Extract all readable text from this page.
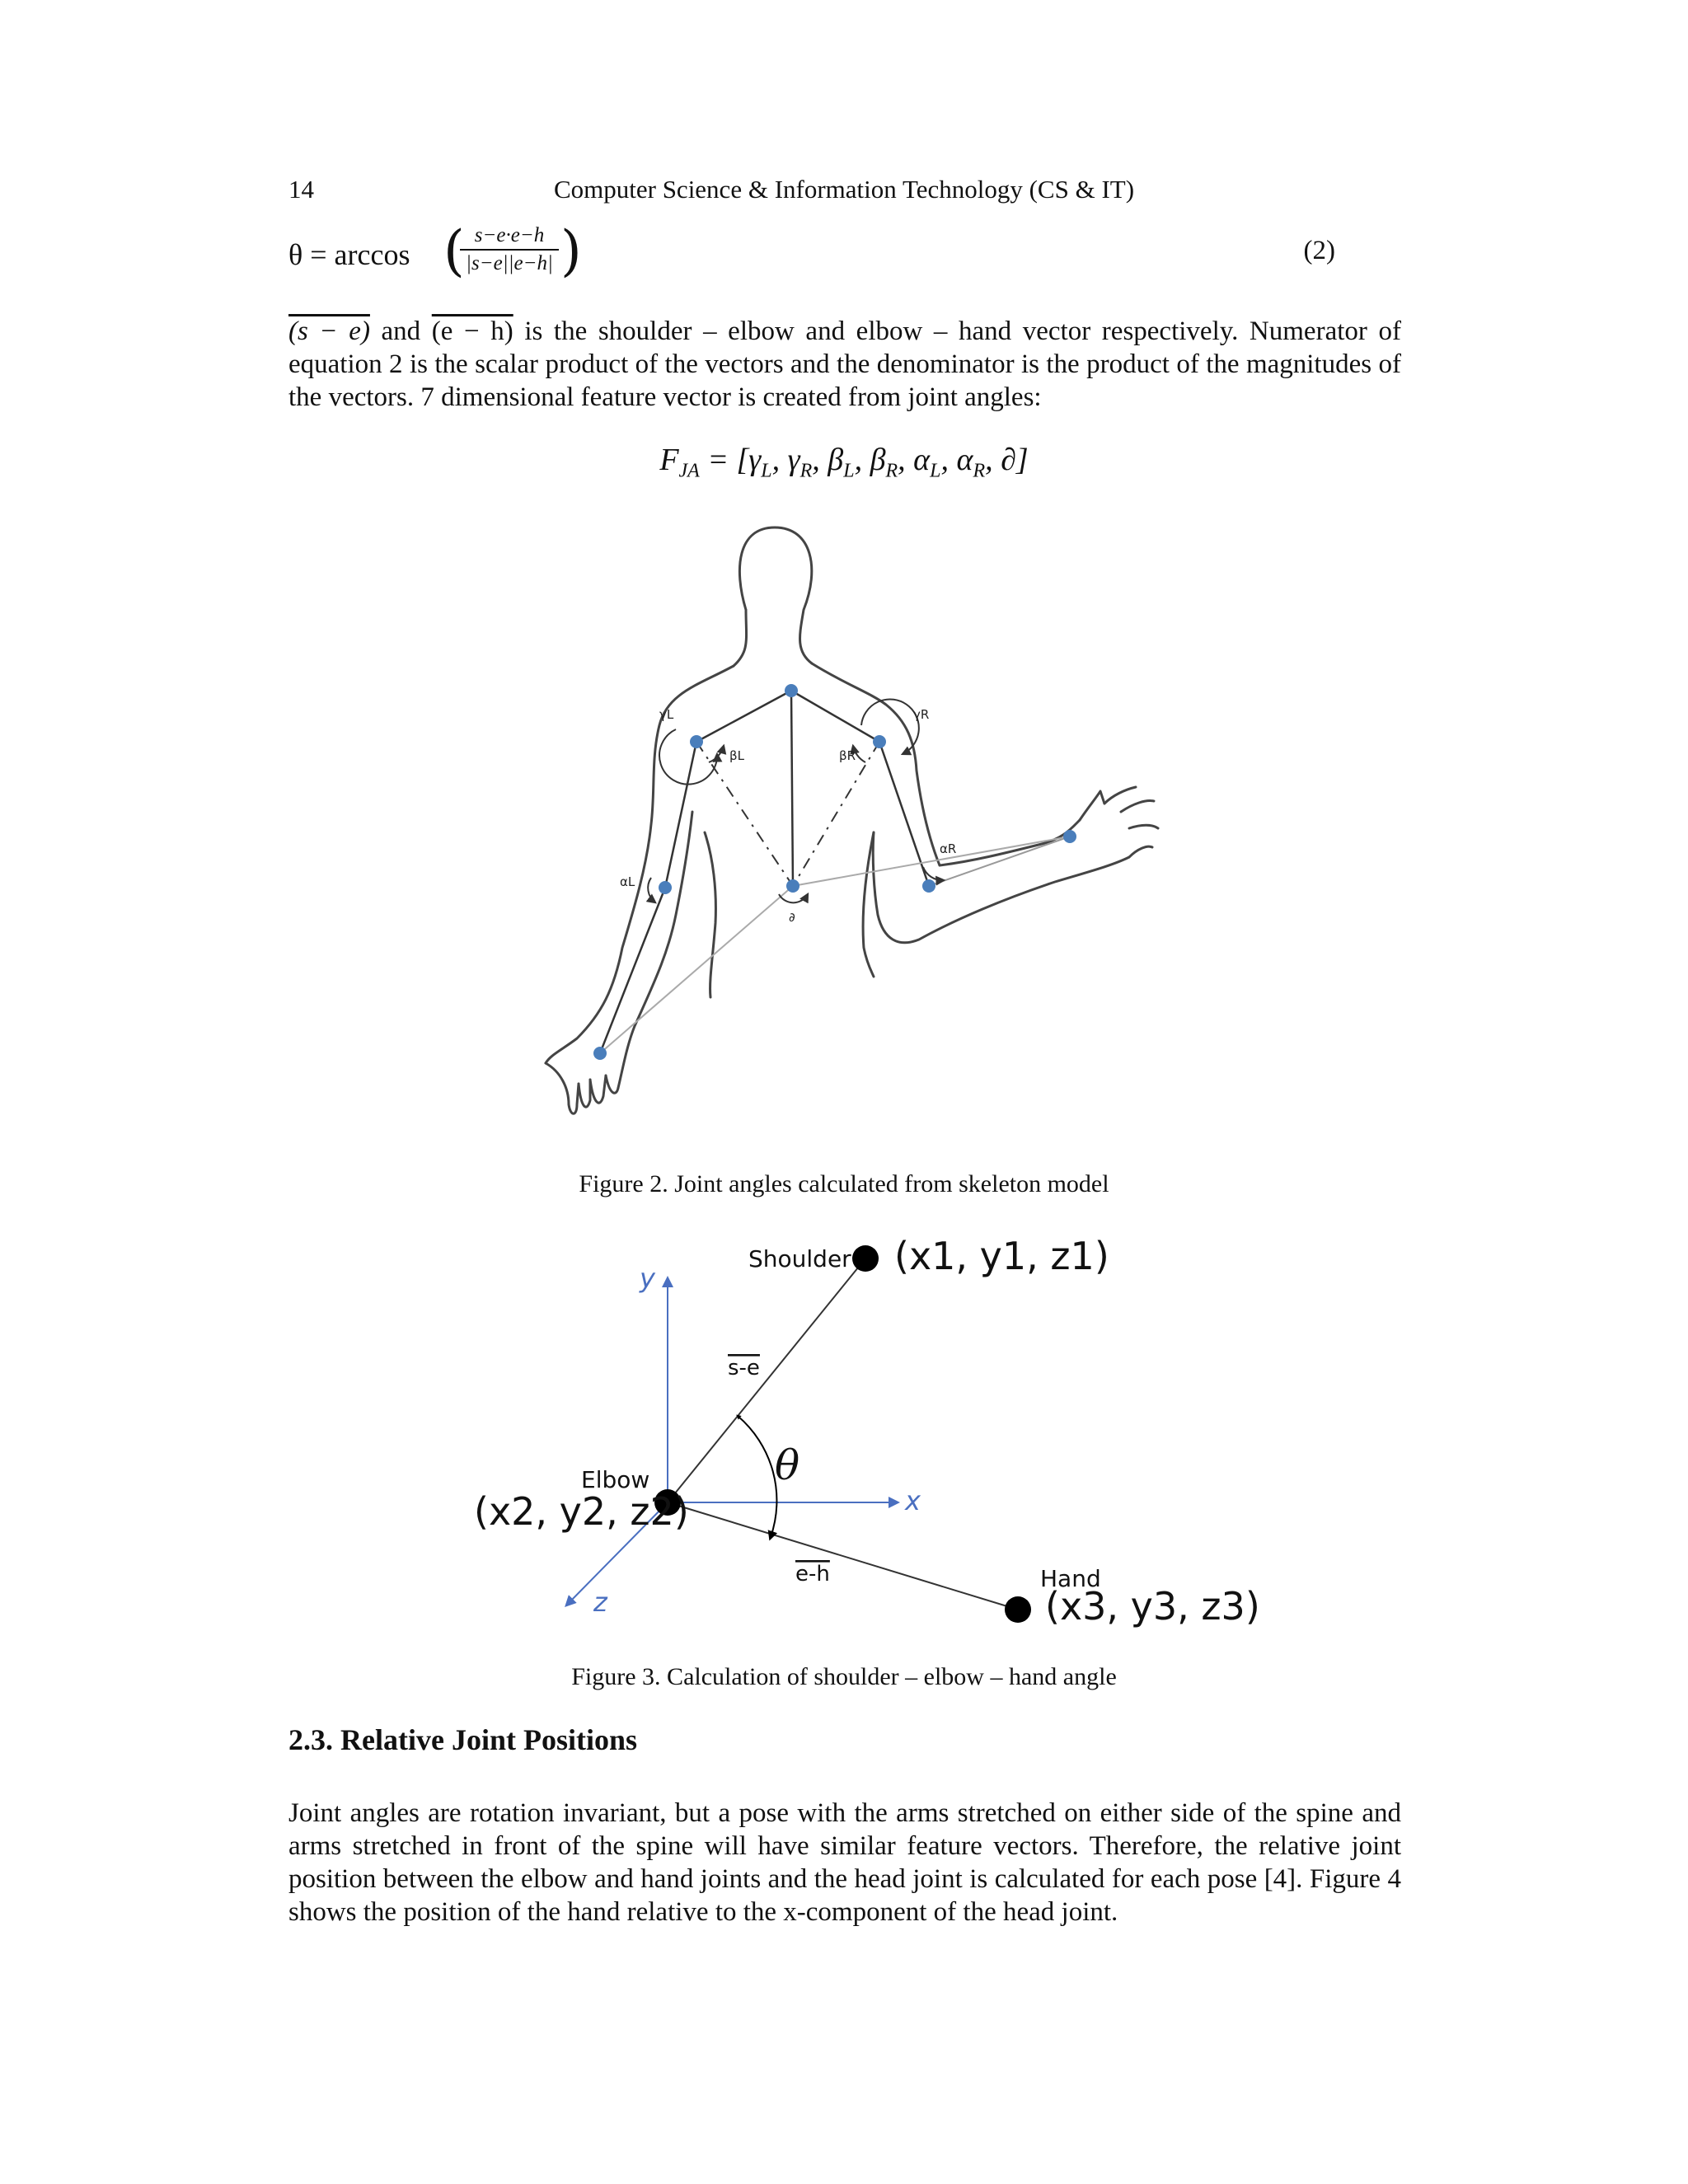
14	Computer Science & Information Technology (CS & IT)
θ = arccos (
$\frac{s-e\cdot e-h}{|s-e||e-h|}$ )	(2)

(s − e) and (e − h) is the shoulder – elbow and elbow – hand vector respectively. Numerator of equation 2 is the scalar product of the vectors and the denominator is the product of the magnitudes of the vectors. 7 dimensional feature vector is created from joint angles:

$F_{JA} = [\gamma_L$, $\gamma_R$, $\beta_L$, $\beta_R$, $\alpha_L$, $\alpha_R$, ∂]
γL	γR
βL	βR
αL
αR
∂
Figure 2. Joint angles calculated from skeleton model
Shoulder (x1, y1, z1)
Elbow
(x2, y2, z2)
Hand
(x3, y3, z3)
s-e
e-h
θ
x
y
z
Figure 3. Calculation of shoulder – elbow – hand angle
2.3. Relative Joint Positions

Joint angles are rotation invariant, but a pose with the arms stretched on either side of the spine and arms stretched in front of the spine will have similar feature vectors. Therefore, the relative joint position between the elbow and hand joints and the head joint is calculated for each pose [4]. Figure 4 shows the position of the hand relative to the x-component of the head joint.
